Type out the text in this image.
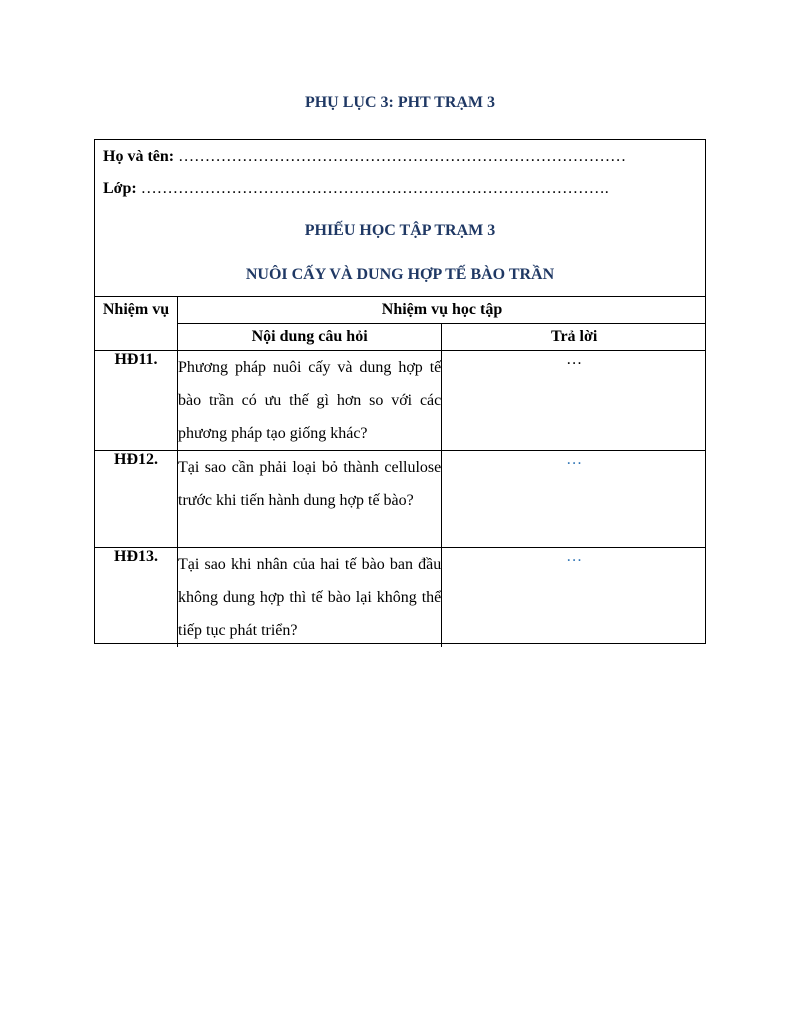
PHỤ LỤC 3: PHT TRẠM 3
Họ và tên: …………………………………………………………………………
Lớp: …………………………………………………………………………….
PHIẾU HỌC TẬP TRẠM 3
NUÔI CẤY VÀ DUNG HỢP TẾ BÀO TRẦN
Nhiệm vụ	Nhiệm vụ học tập	
	Nội dung câu hỏi	Trả lời
HĐ11.	Phương pháp nuôi cấy và dung hợp tế bào trần có ưu thế gì hơn so với các phương pháp tạo giống khác?	…
HĐ12.	Tại sao cần phải loại bỏ thành cellulose trước khi tiến hành dung hợp tế bào?	…
HĐ13.	Tại sao khi nhân của hai tế bào ban đầu không dung hợp thì tế bào lại không thể tiếp tục phát triển?	…
